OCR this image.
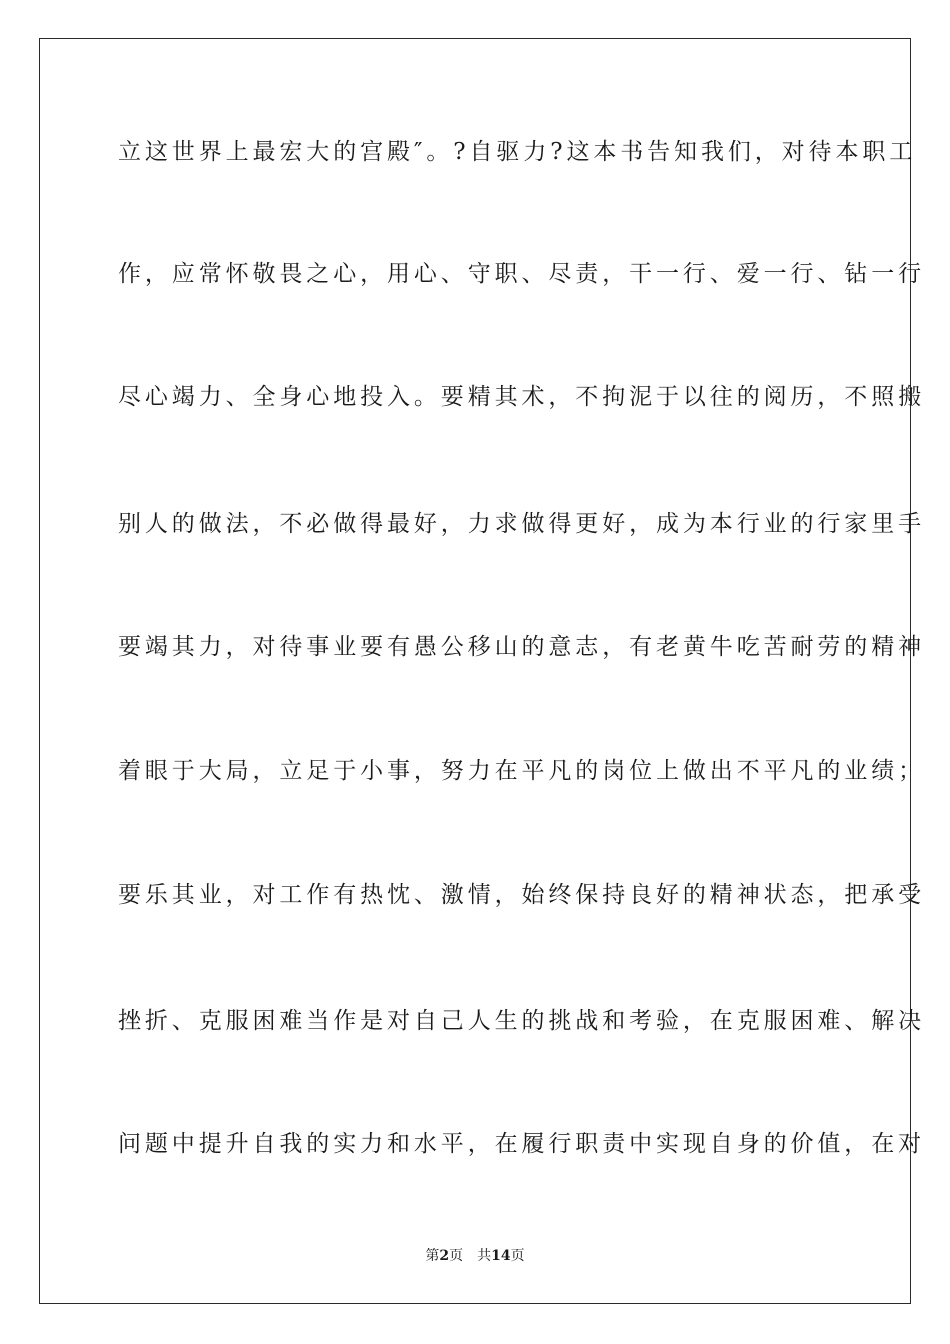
立这世界上最宏大的宫殿″。?自驱力?这本书告知我们，对待本职工
作，应常怀敬畏之心，用心、守职、尽责，干一行、爱一行、钻一行
尽心竭力、全身心地投入。要精其术，不拘泥于以往的阅历，不照搬
别人的做法，不必做得最好，力求做得更好，成为本行业的行家里手
要竭其力，对待事业要有愚公移山的意志，有老黄牛吃苦耐劳的精神
着眼于大局，立足于小事，努力在平凡的岗位上做出不平凡的业绩；
要乐其业，对工作有热忱、激情，始终保持良好的精神状态，把承受
挫折、克服困难当作是对自己人生的挑战和考验，在克服困难、解决
问题中提升自我的实力和水平，在履行职责中实现自身的价值，在对
第2页 共14页
